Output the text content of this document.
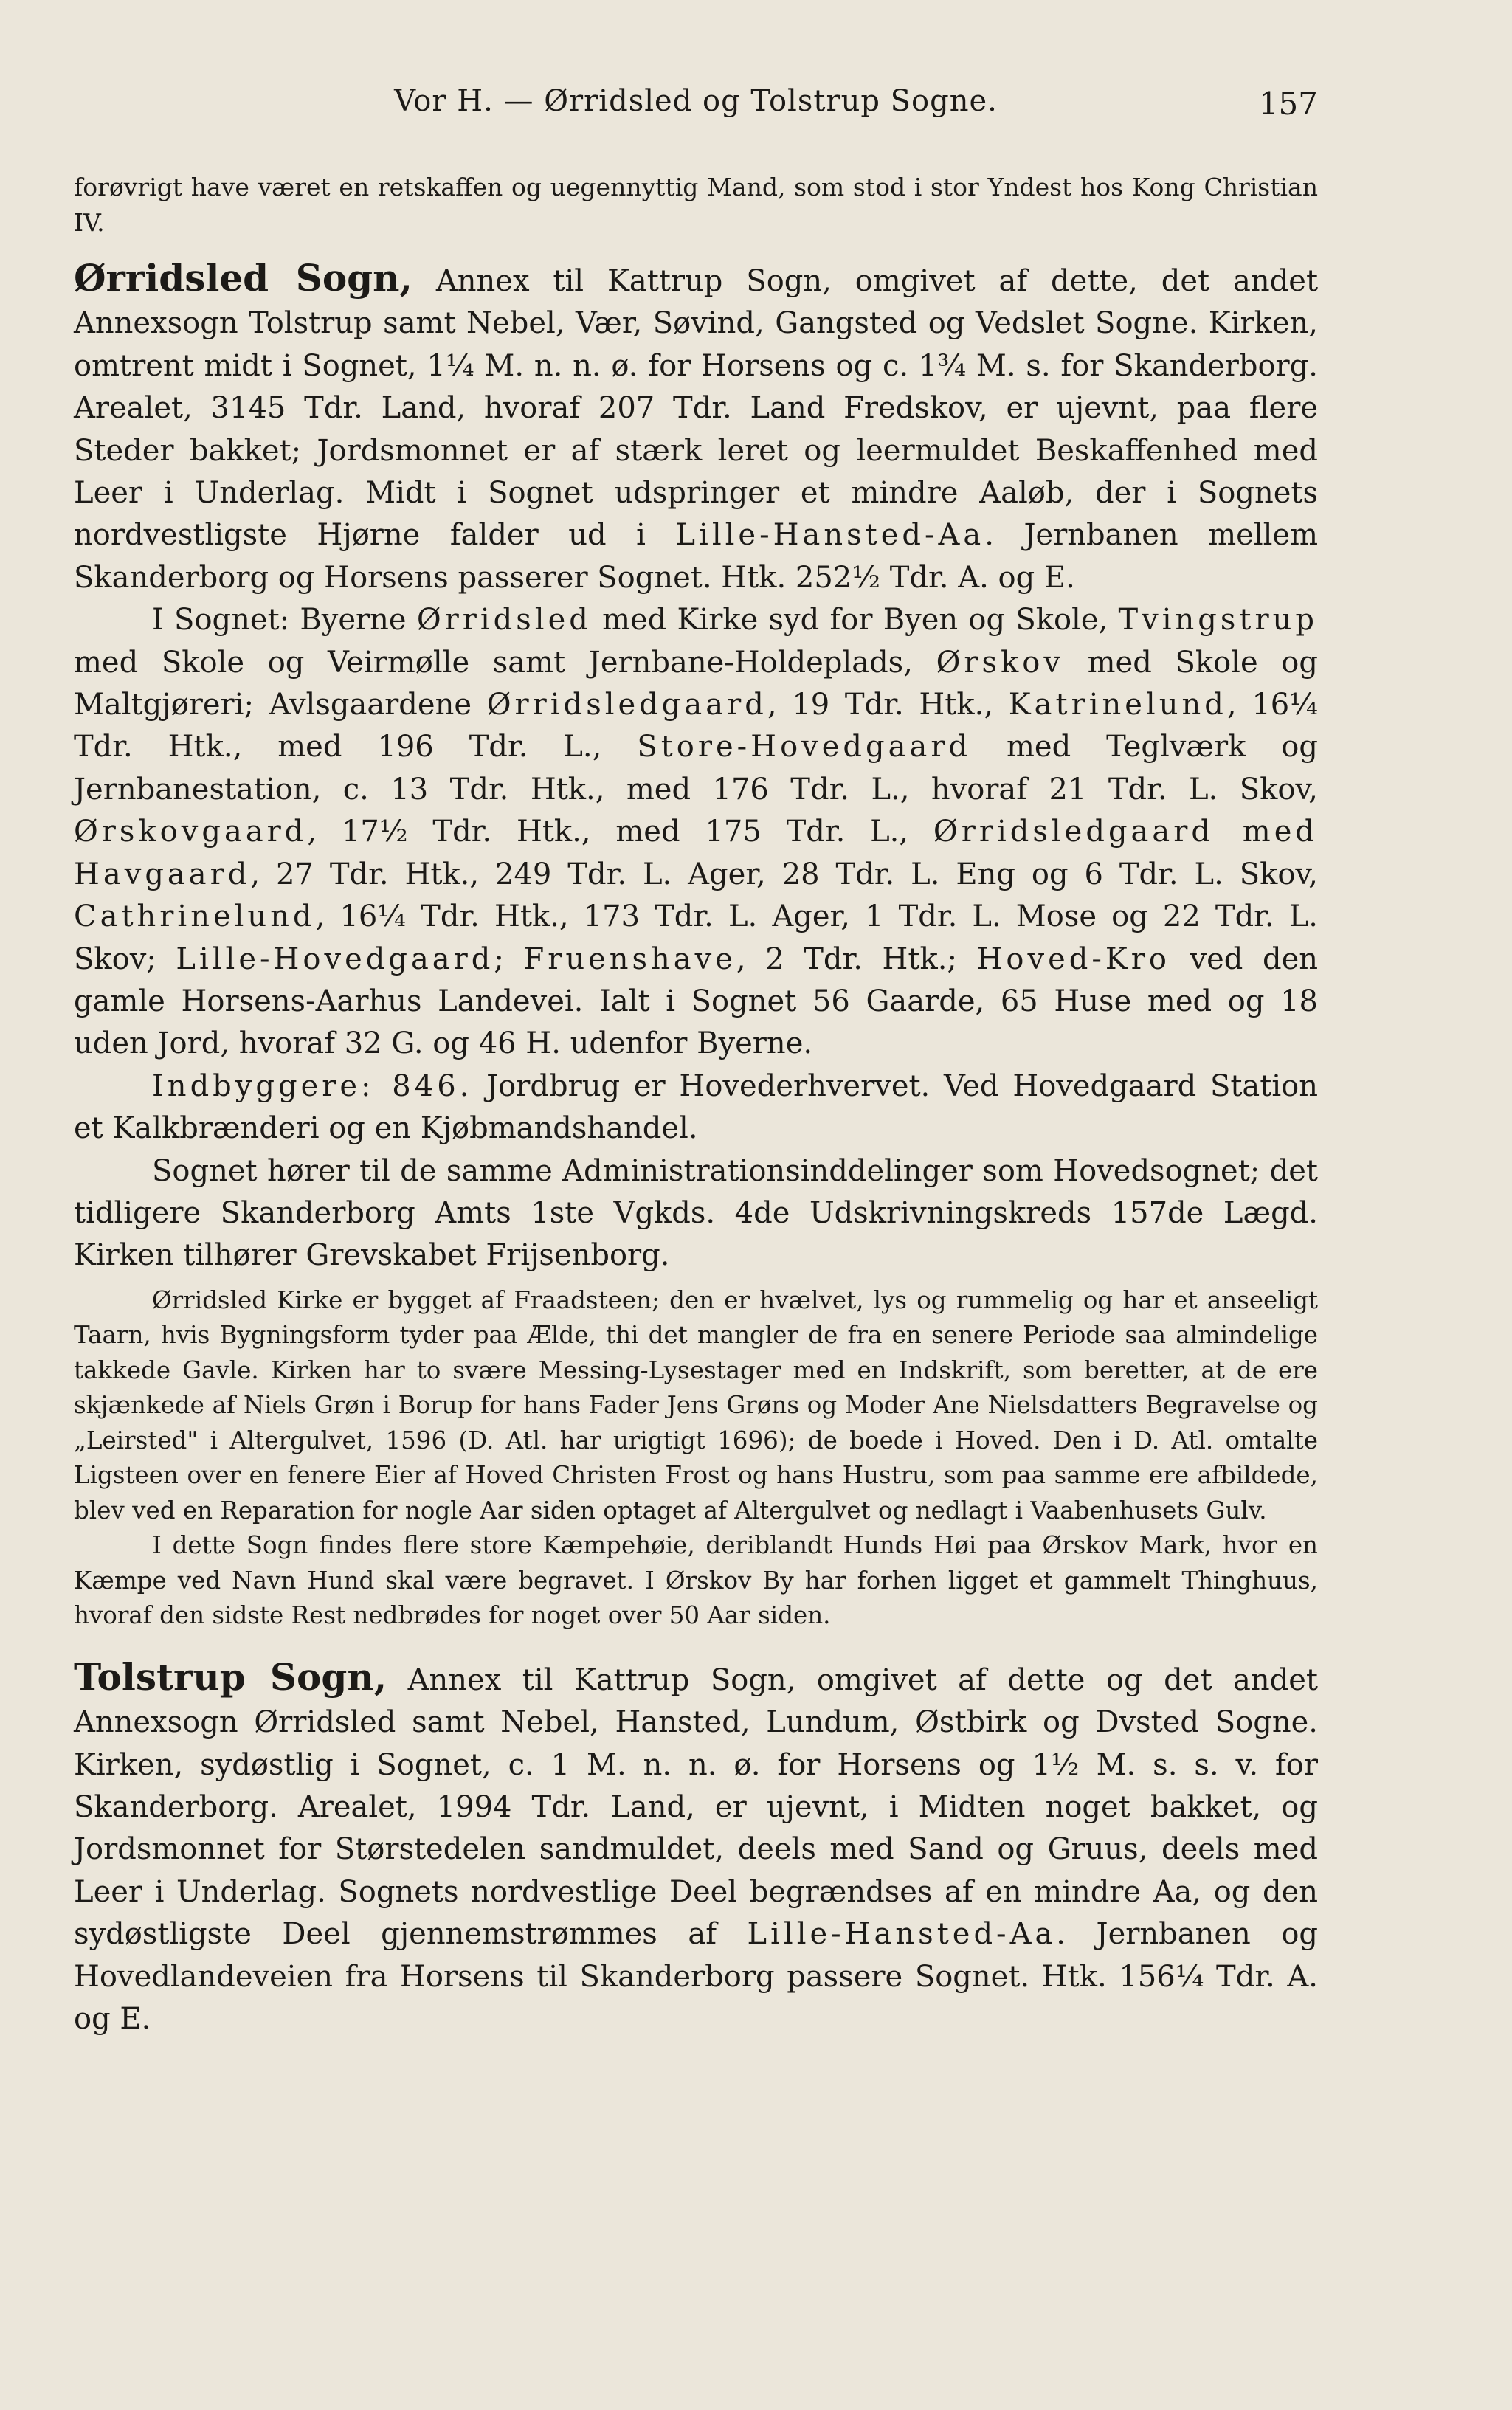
Vor H. — Ørridsled og Tolstrup Sogne.	157

forøvrigt have været en retskaffen og uegennyttig Mand, som stod i stor Yndest hos Kong Christian IV.

Ørridsled Sogn, Annex til Kattrup Sogn, omgivet af dette, det andet Annexsogn Tolstrup samt Nebel, Vær, Søvind, Gangsted og Vedslet Sogne. Kirken, omtrent midt i Sognet, 1¼ M. n. n. ø. for Horsens og c. 1¾ M. s. for Skanderborg. Arealet, 3145 Tdr. Land, hvoraf 207 Tdr. Land Fredskov, er ujevnt, paa flere Steder bakket; Jordsmonnet er af stærk leret og leermuldet Beskaffenhed med Leer i Underlag. Midt i Sognet udspringer et mindre Aaløb, der i Sognets nordvestligste Hjørne falder ud i Lille-Hansted-Aa. Jernbanen mellem Skanderborg og Horsens passerer Sognet. Htk. 252½ Tdr. A. og E.

I Sognet: Byerne Ørridsled med Kirke syd for Byen og Skole, Tvingstrup med Skole og Veirmølle samt Jernbane-Holdeplads, Ørskov med Skole og Maltgjøreri; Avlsgaardene Ørridsledgaard, 19 Tdr. Htk., Katrinelund, 16¼ Tdr. Htk., med 196 Tdr. L., Store-Hovedgaard med Teglværk og Jernbanestation, c. 13 Tdr. Htk., med 176 Tdr. L., hvoraf 21 Tdr. L. Skov, Ørskovgaard, 17½ Tdr. Htk., med 175 Tdr. L., Ørridsledgaard med Havgaard, 27 Tdr. Htk., 249 Tdr. L. Ager, 28 Tdr. L. Eng og 6 Tdr. L. Skov, Cathrinelund, 16¼ Tdr. Htk., 173 Tdr. L. Ager, 1 Tdr. L. Mose og 22 Tdr. L. Skov; Lille-Hovedgaard; Fruenshave, 2 Tdr. Htk.; Hoved-Kro ved den gamle Horsens-Aarhus Landevei. Ialt i Sognet 56 Gaarde, 65 Huse med og 18 uden Jord, hvoraf 32 G. og 46 H. udenfor Byerne.

Indbyggere: 846. Jordbrug er Hovederhvervet. Ved Hovedgaard Station et Kalkbrænderi og en Kjøbmandshandel.

Sognet hører til de samme Administrationsinddelinger som Hovedsognet; det tidligere Skanderborg Amts 1ste Vgkds. 4de Udskrivningskreds 157de Lægd. Kirken tilhører Grevskabet Frijsenborg.

Ørridsled Kirke er bygget af Fraadsteen; den er hvælvet, lys og rummelig og har et anseeligt Taarn, hvis Bygningsform tyder paa Ælde, thi det mangler de fra en senere Periode saa almindelige takkede Gavle. Kirken har to svære Messing-Lysestager med en Indskrift, som beretter, at de ere skjænkede af Niels Grøn i Borup for hans Fader Jens Grøns og Moder Ane Nielsdatters Begravelse og „Leirsted" i Altergulvet, 1596 (D. Atl. har urigtigt 1696); de boede i Hoved. Den i D. Atl. omtalte Ligsteen over en fenere Eier af Hoved Christen Frost og hans Hustru, som paa samme ere afbildede, blev ved en Reparation for nogle Aar siden optaget af Altergulvet og nedlagt i Vaabenhusets Gulv.

I dette Sogn findes flere store Kæmpehøie, deriblandt Hunds Høi paa Ørskov Mark, hvor en Kæmpe ved Navn Hund skal være begravet. I Ørskov By har forhen ligget et gammelt Thinghuus, hvoraf den sidste Rest nedbrødes for noget over 50 Aar siden.

Tolstrup Sogn, Annex til Kattrup Sogn, omgivet af dette og det andet Annexsogn Ørridsled samt Nebel, Hansted, Lundum, Østbirk og Dvsted Sogne. Kirken, sydøstlig i Sognet, c. 1 M. n. n. ø. for Horsens og 1½ M. s. s. v. for Skanderborg. Arealet, 1994 Tdr. Land, er ujevnt, i Midten noget bakket, og Jordsmonnet for Størstedelen sandmuldet, deels med Sand og Gruus, deels med Leer i Underlag. Sognets nordvestlige Deel begrændses af en mindre Aa, og den sydøstligste Deel gjennemstrømmes af Lille-Hansted-Aa. Jernbanen og Hovedlandeveien fra Horsens til Skanderborg passere Sognet. Htk. 156¼ Tdr. A. og E.
